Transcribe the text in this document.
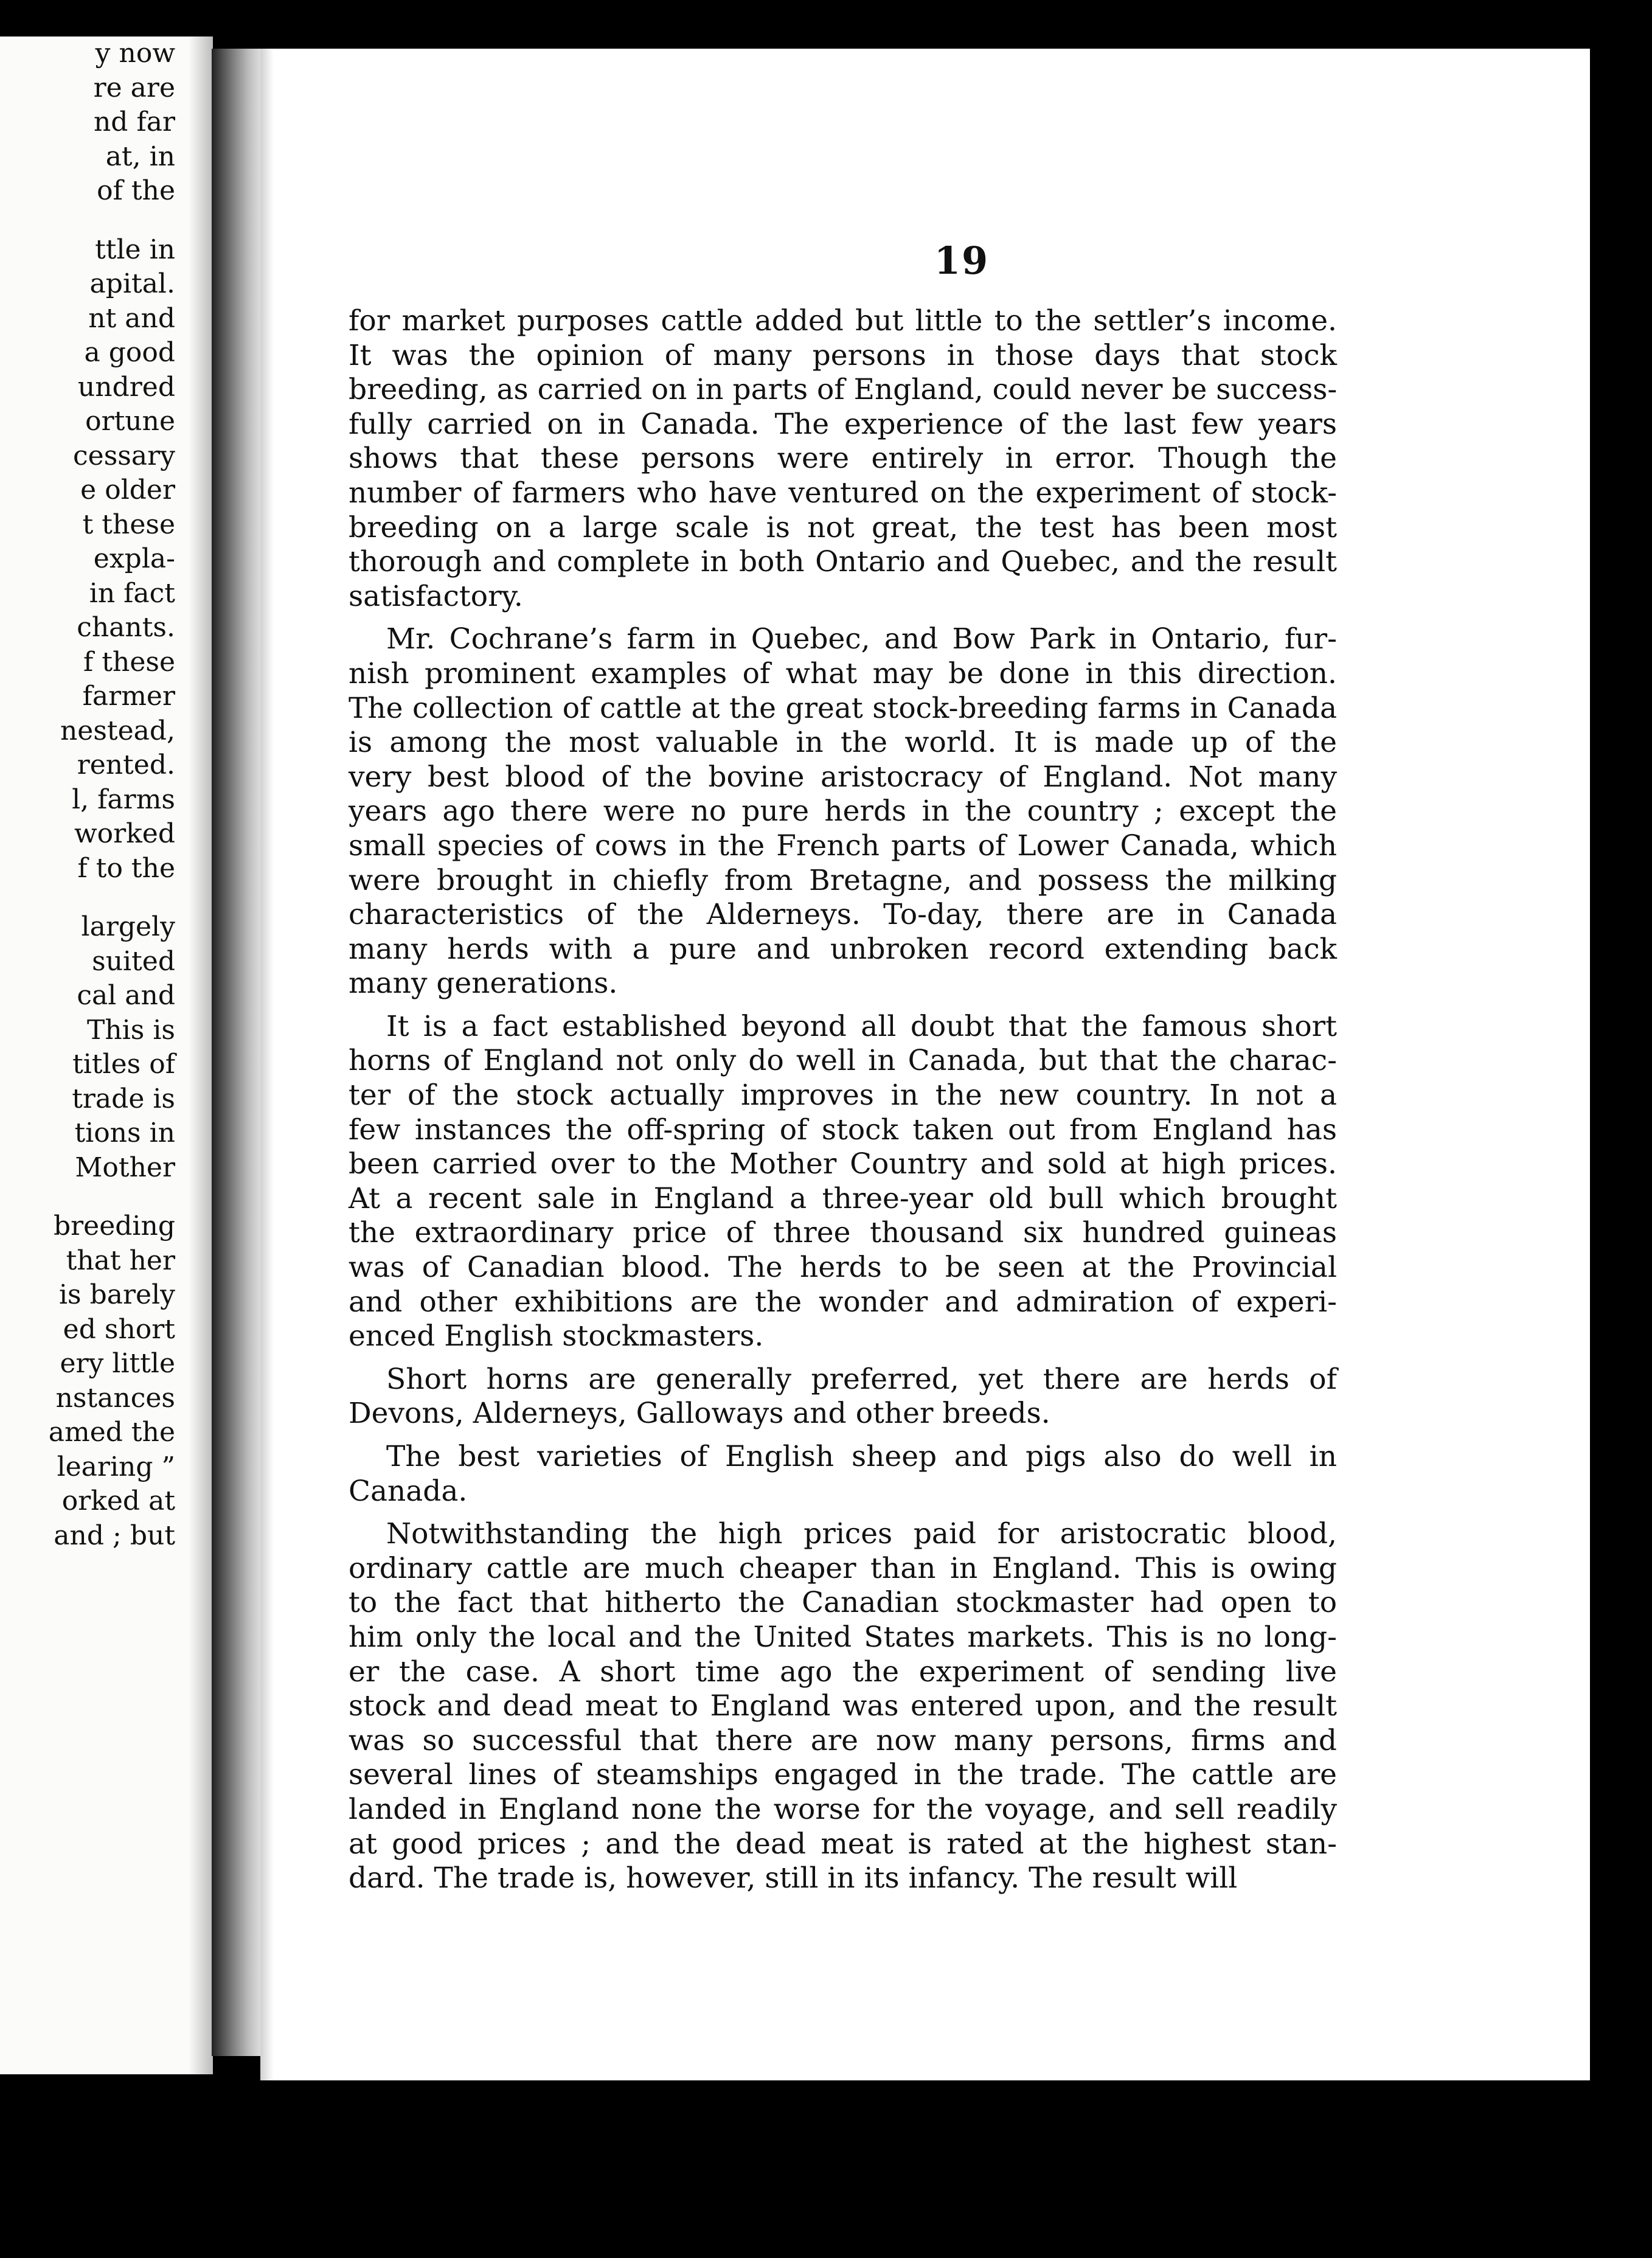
y now
re are
nd far
at, in
of the
ttle in
apital.
nt and
a good
undred
ortune
cessary
e older
t these
expla-
in fact
chants.
f these
farmer
nestead,
rented.
l, farms
worked
f to the
largely
suited
cal and
This is
titles of
trade is
tions in
Mother
breeding
that her
is barely
ed short
ery little
nstances
amed the
learing ”
orked at
and ; but
19
for market purposes cattle added but little to the settler’s income.
It was the opinion of many persons in those days that stock
breeding, as carried on in parts of England, could never be success-
fully carried on in Canada. The experience of the last few years
shows that these persons were entirely in error. Though the
number of farmers who have ventured on the experiment of stock-
breeding on a large scale is not great, the test has been most
thorough and complete in both Ontario and Quebec, and the result
satisfactory.
Mr. Cochrane’s farm in Quebec, and Bow Park in Ontario, fur-
nish prominent examples of what may be done in this direction.
The collection of cattle at the great stock-breeding farms in Canada
is among the most valuable in the world. It is made up of the
very best blood of the bovine aristocracy of England. Not many
years ago there were no pure herds in the country ; except the
small species of cows in the French parts of Lower Canada, which
were brought in chiefly from Bretagne, and possess the milking
characteristics of the Alderneys. To-day, there are in Canada
many herds with a pure and unbroken record extending back
many generations.
It is a fact established beyond all doubt that the famous short
horns of England not only do well in Canada, but that the charac-
ter of the stock actually improves in the new country. In not a
few instances the off-spring of stock taken out from England has
been carried over to the Mother Country and sold at high prices.
At a recent sale in England a three-year old bull which brought
the extraordinary price of three thousand six hundred guineas
was of Canadian blood. The herds to be seen at the Provincial
and other exhibitions are the wonder and admiration of experi-
enced English stockmasters.
Short horns are generally preferred, yet there are herds of
Devons, Alderneys, Galloways and other breeds.
The best varieties of English sheep and pigs also do well in
Canada.
Notwithstanding the high prices paid for aristocratic blood,
ordinary cattle are much cheaper than in England. This is owing
to the fact that hitherto the Canadian stockmaster had open to
him only the local and the United States markets. This is no long-
er the case. A short time ago the experiment of sending live
stock and dead meat to England was entered upon, and the result
was so successful that there are now many persons, firms and
several lines of steamships engaged in the trade. The cattle are
landed in England none the worse for the voyage, and sell readily
at good prices ; and the dead meat is rated at the highest stan-
dard. The trade is, however, still in its infancy. The result will
